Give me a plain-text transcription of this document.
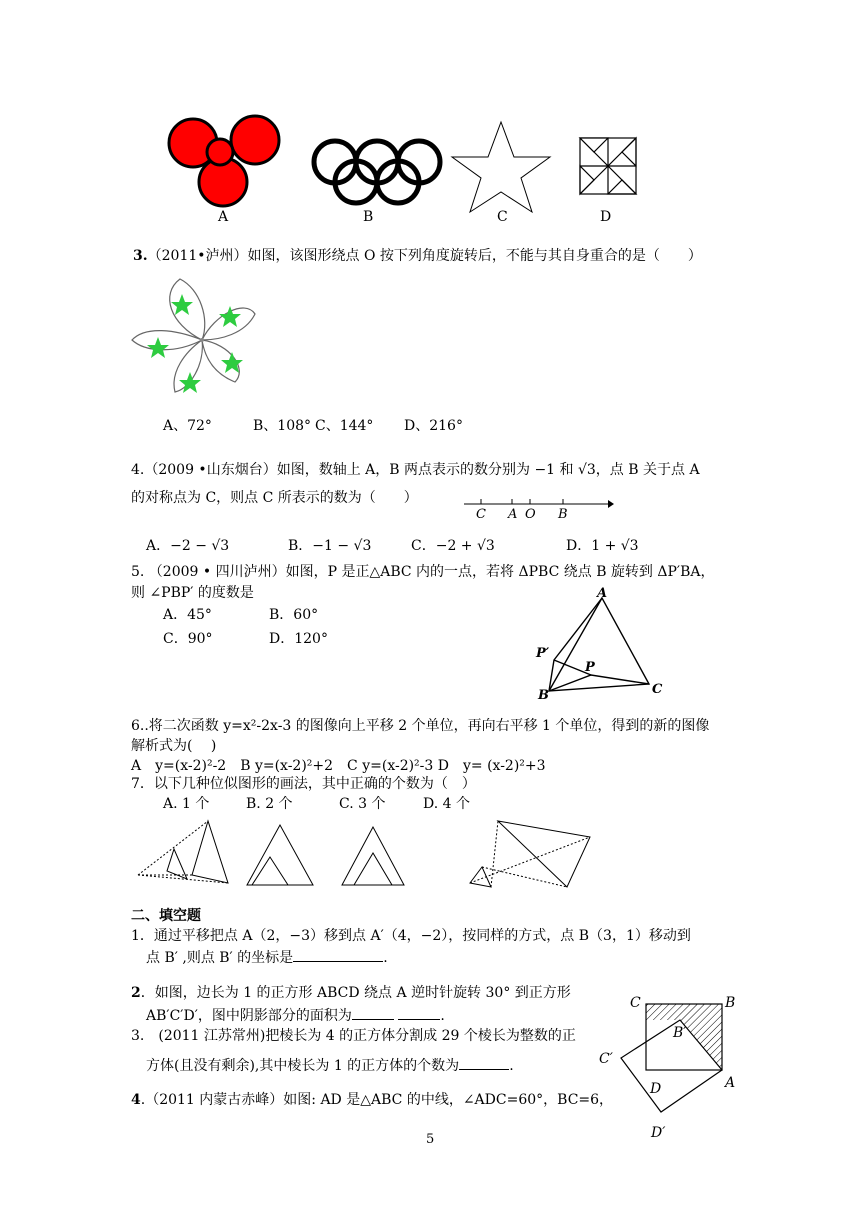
A	B	C	D
3.（2011•泸州）如图，该图形绕点 O 按下列角度旋转后，不能与其自身重合的是（　　）
A、72°	B、108° C、144° D、216°
4.（2009 •山东烟台）如图，数轴上 A，B 两点表示的数分别为 −1 和 √3，点 B 关于点 A
的对称点为 C，则点 C 所表示的数为（　　）
C A O B
A．−2 − √3	B．−1 − √3	C．−2 + √3	D．1 + √3
5. （2009 • 四川泸州）如图，P 是正△ABC 内的一点，若将 ΔPBC 绕点 B 旋转到 ΔP′BA，
则 ∠PBP′ 的度数是
A．45°	B．60°
C．90°	D．120°
A
P′
P
B	C
6..将二次函数 y=x²-2x-3 的图像向上平移 2 个单位，再向右平移 1 个单位，得到的新的图像
解析式为(　 )
A　y=(x-2)²-2　B y=(x-2)²+2　C y=(x-2)²-3 D　y= (x-2)²+3
7．以下几种位似图形的画法，其中正确的个数为（　）
A. 1 个	B. 2 个	C. 3 个	D. 4 个
二、填空题
1．通过平移把点 A（2，−3）移到点 A′（4，−2），按同样的方式，点 B（3，1）移动到
点 B′ ,则点 B′ 的坐标是	.
2．如图，边长为 1 的正方形 ABCD 绕点 A 逆时针旋转 30° 到正方形
AB′C′D′，图中阴影部分的面积为	.
3.　(2011 江苏常州)把棱长为 4 的正方体分割成 29 个棱长为整数的正
方体(且没有剩余),其中棱长为 1 的正方体的个数为	.
4.（2011 内蒙古赤峰）如图: AD 是△ABC 的中线，∠ADC=60°，BC=6，
C	B
B′
C′
D	A
D′
5
